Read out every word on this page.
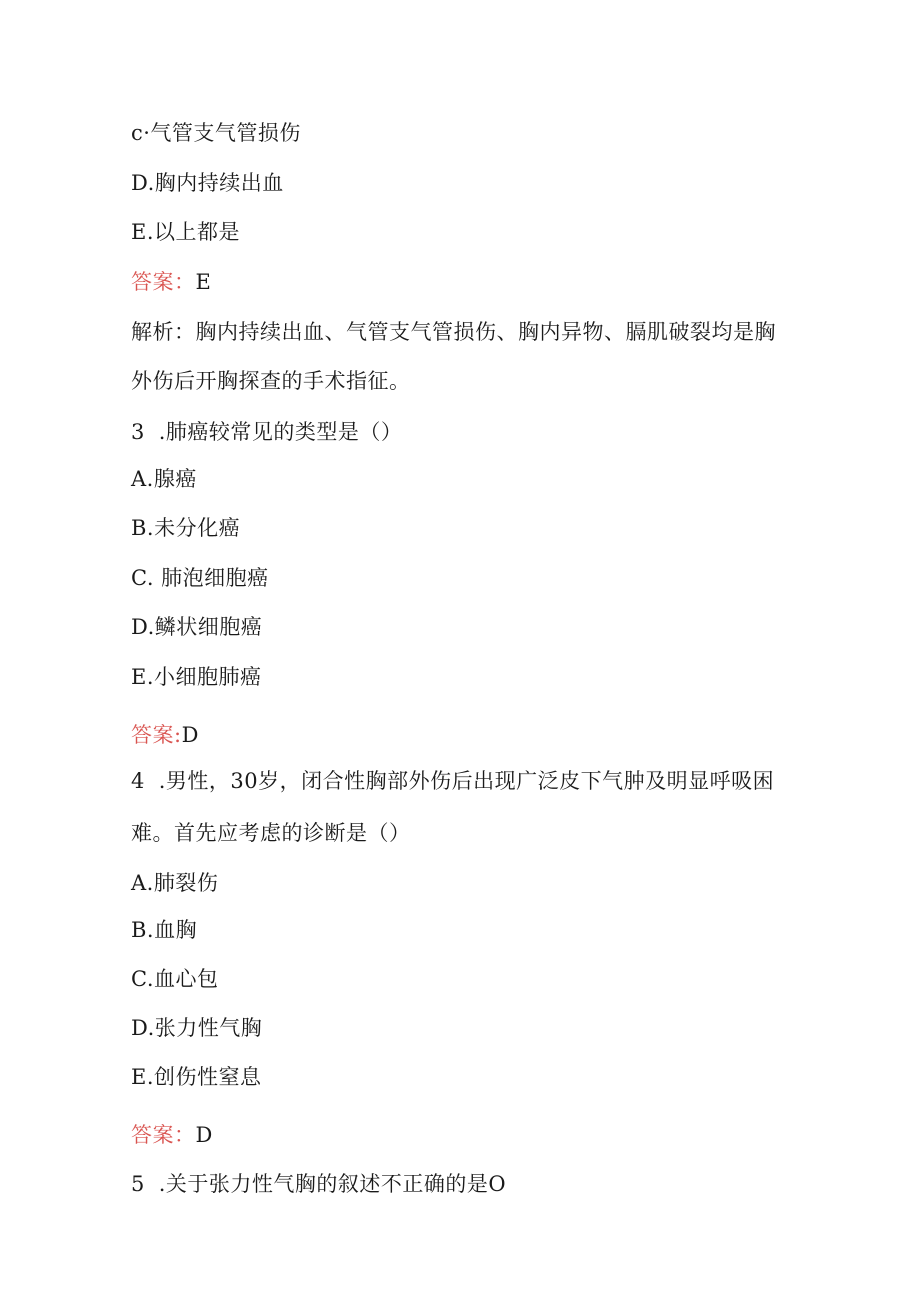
c·气管支气管损伤
D.胸内持续出血
E.以上都是
答案：E
解析：胸内持续出血、气管支气管损伤、胸内异物、膈肌破裂均是胸
外伤后开胸探查的手术指征。
3 .肺癌较常见的类型是（）
A.腺癌
B.未分化癌
C. 肺泡细胞癌
D.鳞状细胞癌
E.小细胞肺癌
答案:D
4 .男性，30岁，闭合性胸部外伤后出现广泛皮下气肿及明显呼吸困
难。首先应考虑的诊断是（）
A.肺裂伤
B.血胸
C.血心包
D.张力性气胸
E.创伤性窒息
答案：D
5 .关于张力性气胸的叙述不正确的是O
